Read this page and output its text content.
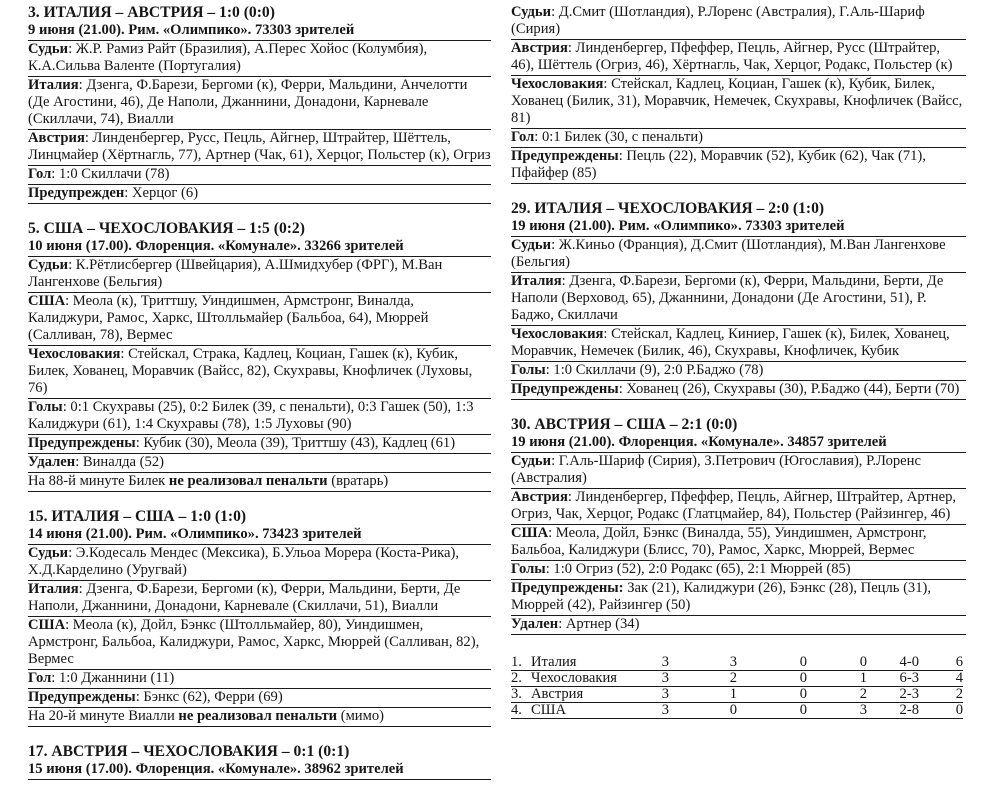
3. ИТАЛИЯ – АВСТРИЯ – 1:0 (0:0)
9 июня (21.00). Рим. «Олимпико». 73303 зрителей
Судьи: Ж.Р. Рамиз Райт (Бразилия), А.Перес Хойос (Колумбия), К.А.Сильва Валенте (Португалия)
Италия: Дзенга, Ф.Барези, Бергоми (к), Ферри, Мальдини, Анчелотти (Де Агостини, 46), Де Наполи, Джаннини, Донадони, Карневале (Скиллачи, 74), Виалли
Австрия: Линденбергер, Русс, Пецль, Айгнер, Штрайтер, Шёттель, Линцмайер (Хёртнагль, 77), Артнер (Чак, 61), Херцог, Польстер (к), Огриз
Гол: 1:0 Скиллачи (78)
Предупрежден: Херцог (6)
5. США – ЧЕХОСЛОВАКИЯ – 1:5 (0:2)
10 июня (17.00). Флоренция. «Комунале». 33266 зрителей
Судьи: К.Рётлисбергер (Швейцария), А.Шмидхубер (ФРГ), М.Ван Лангенхове (Бельгия)
США: Меола (к), Триттшу, Уиндишмен, Армстронг, Виналда, Калиджури, Рамос, Харкс, Штолльмайер (Бальбоа, 64), Мюррей (Салливан, 78), Вермес
Чехословакия: Стейскал, Страка, Кадлец, Коциан, Гашек (к), Кубик, Билек, Хованец, Моравчик (Вайсс, 82), Скухравы, Кнофличек (Луховы, 76)
Голы: 0:1 Скухравы (25), 0:2 Билек (39, с пенальти), 0:3 Гашек (50), 1:3 Калиджури (61), 1:4 Скухравы (78), 1:5 Луховы (90)
Предупреждены: Кубик (30), Меола (39), Триттшу (43), Кадлец (61)
Удален: Виналда (52)
На 88-й минуте Билек не реализовал пенальти (вратарь)
15. ИТАЛИЯ – США – 1:0 (1:0)
14 июня (21.00). Рим. «Олимпико». 73423 зрителей
Судьи: Э.Кодесаль Мендес (Мексика), Б.Ульоа Морера (Коста-Рика), Х.Д.Карделино (Уругвай)
Италия: Дзенга, Ф.Барези, Бергоми (к), Ферри, Мальдини, Берти, Де Наполи, Джаннини, Донадони, Карневале (Скиллачи, 51), Виалли
США: Меола (к), Дойл, Бэнкс (Штолльмайер, 80), Уиндишмен, Армстронг, Бальбоа, Калиджури, Рамос, Харкс, Мюррей (Салливан, 82), Вермес
Гол: 1:0 Джаннини (11)
Предупреждены: Бэнкс (62), Ферри (69)
На 20-й минуте Виалли не реализовал пенальти (мимо)
17. АВСТРИЯ – ЧЕХОСЛОВАКИЯ – 0:1 (0:1)
15 июня (17.00). Флоренция. «Комунале». 38962 зрителей
Судьи: Д.Смит (Шотландия), Р.Лоренс (Австралия), Г.Аль-Шариф (Сирия)
Австрия: Линденбергер, Пфеффер, Пецль, Айгнер, Русс (Штрайтер, 46), Шёттель (Огриз, 46), Хёртнагль, Чак, Херцог, Родакс, Польстер (к)
Чехословакия: Стейскал, Кадлец, Коциан, Гашек (к), Кубик, Билек, Хованец (Билик, 31), Моравчик, Немечек, Скухравы, Кнофличек (Вайсс, 81)
Гол: 0:1 Билек (30, с пенальти)
Предупреждены: Пецль (22), Моравчик (52), Кубик (62), Чак (71), Пфайфер (85)
29. ИТАЛИЯ – ЧЕХОСЛОВАКИЯ – 2:0 (1:0)
19 июня (21.00). Рим. «Олимпико». 73303 зрителей
Судьи: Ж.Киньо (Франция), Д.Смит (Шотландия), М.Ван Лангенхове (Бельгия)
Италия: Дзенга, Ф.Барези, Бергоми (к), Ферри, Мальдини, Берти, Де Наполи (Верховод, 65), Джаннини, Донадони (Де Агостини, 51), Р. Баджо, Скиллачи
Чехословакия: Стейскал, Кадлец, Киниер, Гашек (к), Билек, Хованец, Моравчик, Немечек (Билик, 46), Скухравы, Кнофличек, Кубик
Голы: 1:0 Скиллачи (9), 2:0 Р.Баджо (78)
Предупреждены: Хованец (26), Скухравы (30), Р.Баджо (44), Берти (70)
30. АВСТРИЯ – США – 2:1 (0:0)
19 июня (21.00). Флоренция. «Комунале». 34857 зрителей
Судьи: Г.Аль-Шариф (Сирия), З.Петрович (Югославия), Р.Лоренс (Австралия)
Австрия: Линденбергер, Пфеффер, Пецль, Айгнер, Штрайтер, Артнер, Огриз, Чак, Херцог, Родакс (Глатцмайер, 84), Польстер (Райзингер, 46)
США: Меола, Дойл, Бэнкс (Виналда, 55), Уиндишмен, Армстронг, Бальбоа, Калиджури (Блисс, 70), Рамос, Харкс, Мюррей, Вермес
Голы: 1:0 Огриз (52), 2:0 Родакс (65), 2:1 Мюррей (85)
Предупреждены: Зак (21), Калиджури (26), Бэнкс (28), Пецль (31), Мюррей (42), Райзингер (50)
Удален: Артнер (34)
1.	Италия	3	3	0	0	4-0	6
2.	Чехословакия	3	2	0	1	6-3	4
3.	Австрия	3	1	0	2	2-3	2
4.	США	3	0	0	3	2-8	0
